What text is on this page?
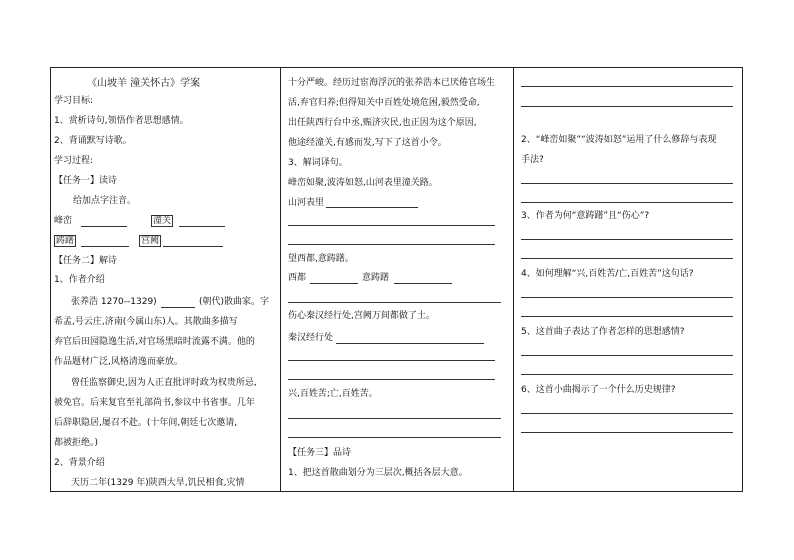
《山坡羊 潼关怀古》学案
学习目标:
1、赏析诗句,领悟作者思想感情。
2、背诵默写诗歌。
学习过程:
【任务一】读诗
给加点字注音。
峰峦	潼关
踌躇	宫阙
【任务二】解诗
1、作者介绍
张养浩 1270--1329)	(朝代)散曲家。字
希孟,号云庄,济南(今属山东)人。其散曲多描写
弃官后田园隐逸生活,对官场黑暗时流露不满。他的
作品题材广泛,风格清逸而豪放。
曾任监察御史,因为人正直批评时政为权贵所忌,
被免官。后来复官至礼部尚书,参议中书省事。几年
后辞职隐居,屡召不赴。(十年间,朝廷七次邀请,
都被拒绝。)
2、背景介绍
天历二年(1329 年)陕西大旱,饥民相食,灾情
十分严峻。经历过宦海浮沉的张养浩本已厌倦官场生
活,弃官归养;但得知关中百姓处境危困,毅然受命,
出任陕西行台中丞,赈济灾民,也正因为这个原因,
他途经潼关,有感而发,写下了这首小令。
3、解词译句。
峰峦如聚,波涛如怒,山河表里潼关路。
山河表里
望西都,意踌躇。
西都	意踌躇
伤心秦汉经行处,宫阙万间都做了土。
秦汉经行处
兴,百姓苦;亡,百姓苦。
【任务三】品诗
1、把这首散曲划分为三层次,概括各层大意。
2、“峰峦如聚”“波涛如怒”运用了什么修辞与表现
手法?
3、作者为何“意踌躇”且“伤心”?
4、如何理解“兴,百姓苦/亡,百姓苦”这句话?
5、这首曲子表达了作者怎样的思想感情?
6、这首小曲揭示了一个什么历史规律?
